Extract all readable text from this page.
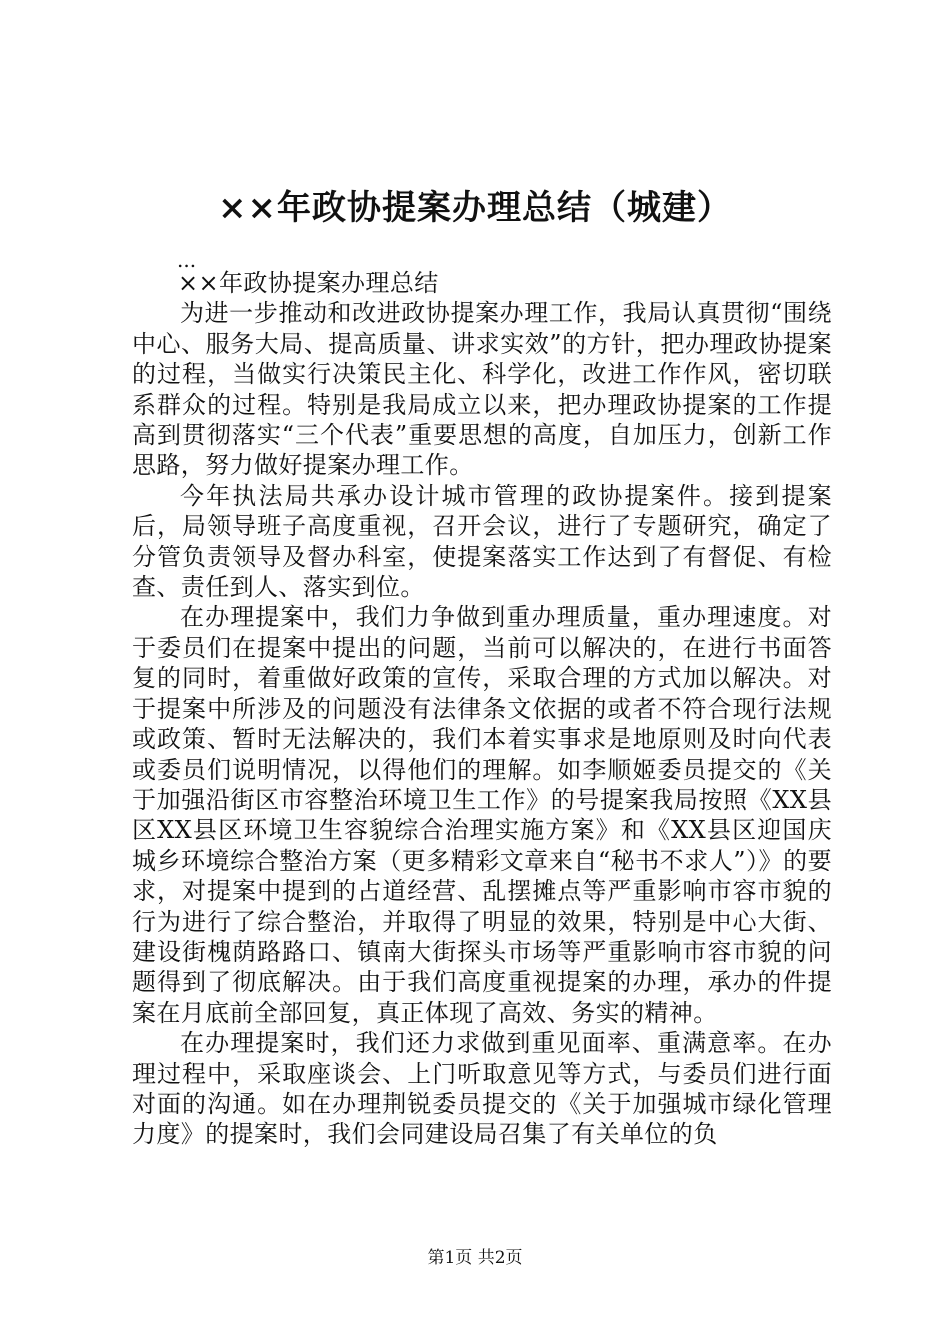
××年政协提案办理总结（城建）
...

××年政协提案办理总结

为进一步推动和改进政协提案办理工作，我局认真贯彻“围绕中心、服务大局、提高质量、讲求实效”的方针，把办理政协提案的过程，当做实行决策民主化、科学化，改进工作作风，密切联系群众的过程。特别是我局成立以来，把办理政协提案的工作提高到贯彻落实“三个代表”重要思想的高度，自加压力，创新工作思路，努力做好提案办理工作。

今年执法局共承办设计城市管理的政协提案件。接到提案后，局领导班子高度重视，召开会议，进行了专题研究，确定了分管负责领导及督办科室，使提案落实工作达到了有督促、有检查、责任到人、落实到位。

在办理提案中，我们力争做到重办理质量，重办理速度。对于委员们在提案中提出的问题，当前可以解决的，在进行书面答复的同时，着重做好政策的宣传，采取合理的方式加以解决。对于提案中所涉及的问题没有法律条文依据的或者不符合现行法规或政策、暂时无法解决的，我们本着实事求是地原则及时向代表或委员们说明情况，以得他们的理解。如李顺姬委员提交的《关于加强沿街区市容整治环境卫生工作》的号提案我局按照《XX县区XX县区环境卫生容貌综合治理实施方案》和《XX县区迎国庆城乡环境综合整治方案（更多精彩文章来自“秘书不求人”）》的要求，对提案中提到的占道经营、乱摆摊点等严重影响市容市貌的行为进行了综合整治，并取得了明显的效果，特别是中心大街、建设街槐荫路路口、镇南大街探头市场等严重影响市容市貌的问题得到了彻底解决。由于我们高度重视提案的办理，承办的件提案在月底前全部回复，真正体现了高效、务实的精神。

在办理提案时，我们还力求做到重见面率、重满意率。在办理过程中，采取座谈会、上门听取意见等方式，与委员们进行面对面的沟通。如在办理荆锐委员提交的《关于加强城市绿化管理力度》的提案时，我们会同建设局召集了有关单位的负

第1页 共2页
